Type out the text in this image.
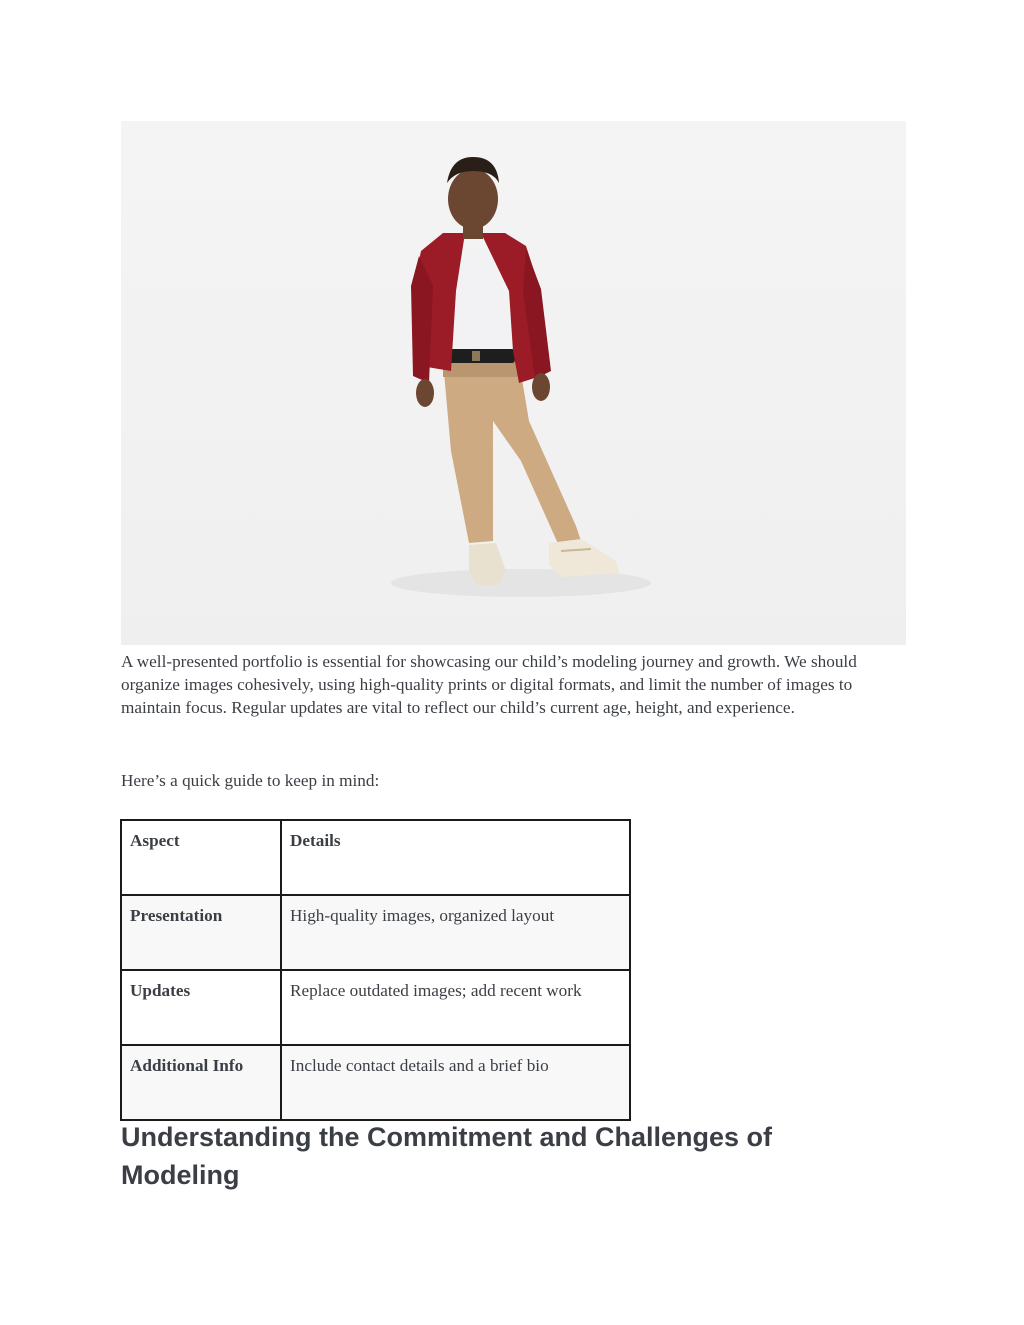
A well-presented portfolio is essential for showcasing our child’s modeling journey and growth. We should organize images cohesively, using high-quality prints or digital formats, and limit the number of images to maintain focus. Regular updates are vital to reflect our child’s current age, height, and experience.

Here’s a quick guide to keep in mind:

Aspect	Details
Presentation	High-quality images, organized layout
Updates	Replace outdated images; add recent work
Additional Info	Include contact details and a brief bio
Understanding the Commitment and Challenges of Modeling
